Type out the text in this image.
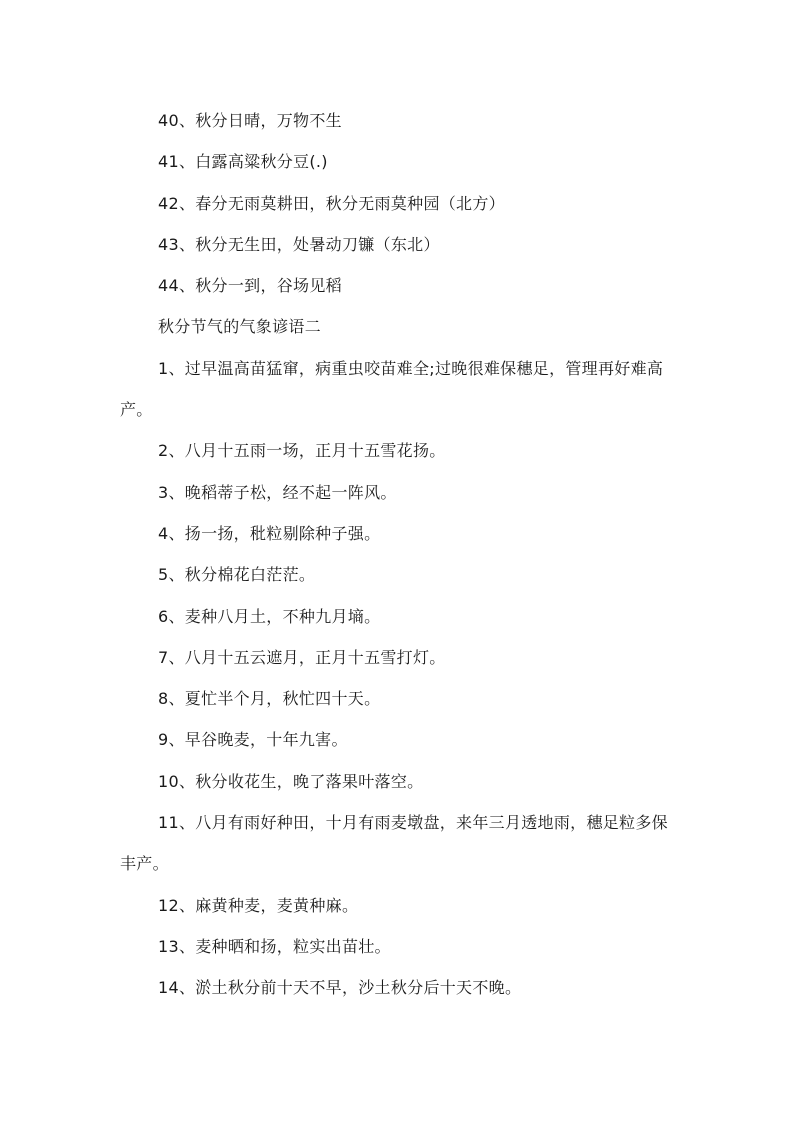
40、秋分日晴，万物不生

41、白露高粱秋分豆(.)

42、春分无雨莫耕田，秋分无雨莫种园（北方）

43、秋分无生田，处暑动刀镰（东北）

44、秋分一到，谷场见稻

秋分节气的气象谚语二

1、过早温高苗猛窜，病重虫咬苗难全;过晚很难保穗足，管理再好难高产。

2、八月十五雨一场，正月十五雪花扬。

3、晚稻蒂子松，经不起一阵风。

4、扬一扬，秕粒剔除种子强。

5、秋分棉花白茫茫。

6、麦种八月土，不种九月墒。

7、八月十五云遮月，正月十五雪打灯。

8、夏忙半个月，秋忙四十天。

9、早谷晚麦，十年九害。

10、秋分收花生，晚了落果叶落空。

11、八月有雨好种田，十月有雨麦墩盘，来年三月透地雨，穗足粒多保丰产。

12、麻黄种麦，麦黄种麻。

13、麦种晒和扬，粒实出苗壮。

14、淤土秋分前十天不早，沙土秋分后十天不晚。
